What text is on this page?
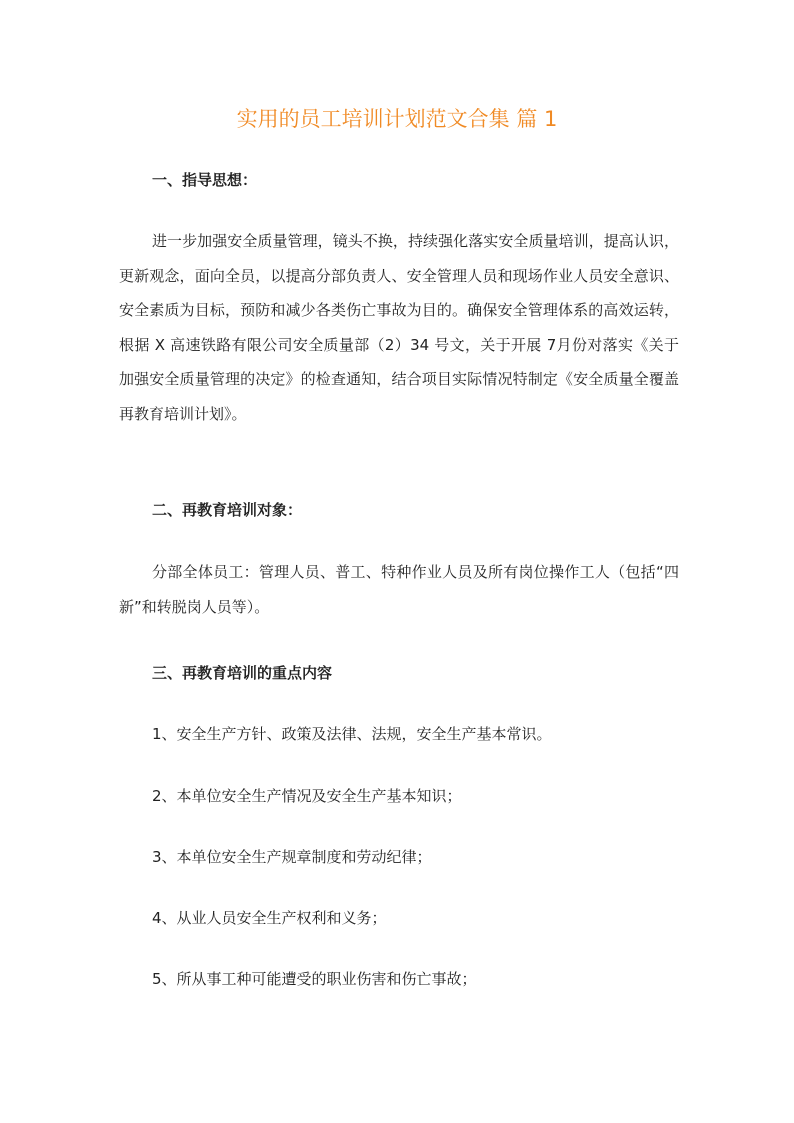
实用的员工培训计划范文合集 篇 1
一、指导思想：

进一步加强安全质量管理，镜头不换，持续强化落实安全质量培训，提高认识，更新观念，面向全员，以提高分部负责人、安全管理人员和现场作业人员安全意识、安全素质为目标，预防和减少各类伤亡事故为目的。确保安全管理体系的高效运转，根据 X 高速铁路有限公司安全质量部（2）34 号文，关于开展 7月份对落实《关于加强安全质量管理的决定》的检查通知，结合项目实际情况特制定《安全质量全覆盖再教育培训计划》。

二、再教育培训对象：

分部全体员工：管理人员、普工、特种作业人员及所有岗位操作工人（包括“四新”和转脱岗人员等）。

三、再教育培训的重点内容

1、安全生产方针、政策及法律、法规，安全生产基本常识。

2、本单位安全生产情况及安全生产基本知识；

3、本单位安全生产规章制度和劳动纪律；

4、从业人员安全生产权利和义务；

5、所从事工种可能遭受的职业伤害和伤亡事故；
